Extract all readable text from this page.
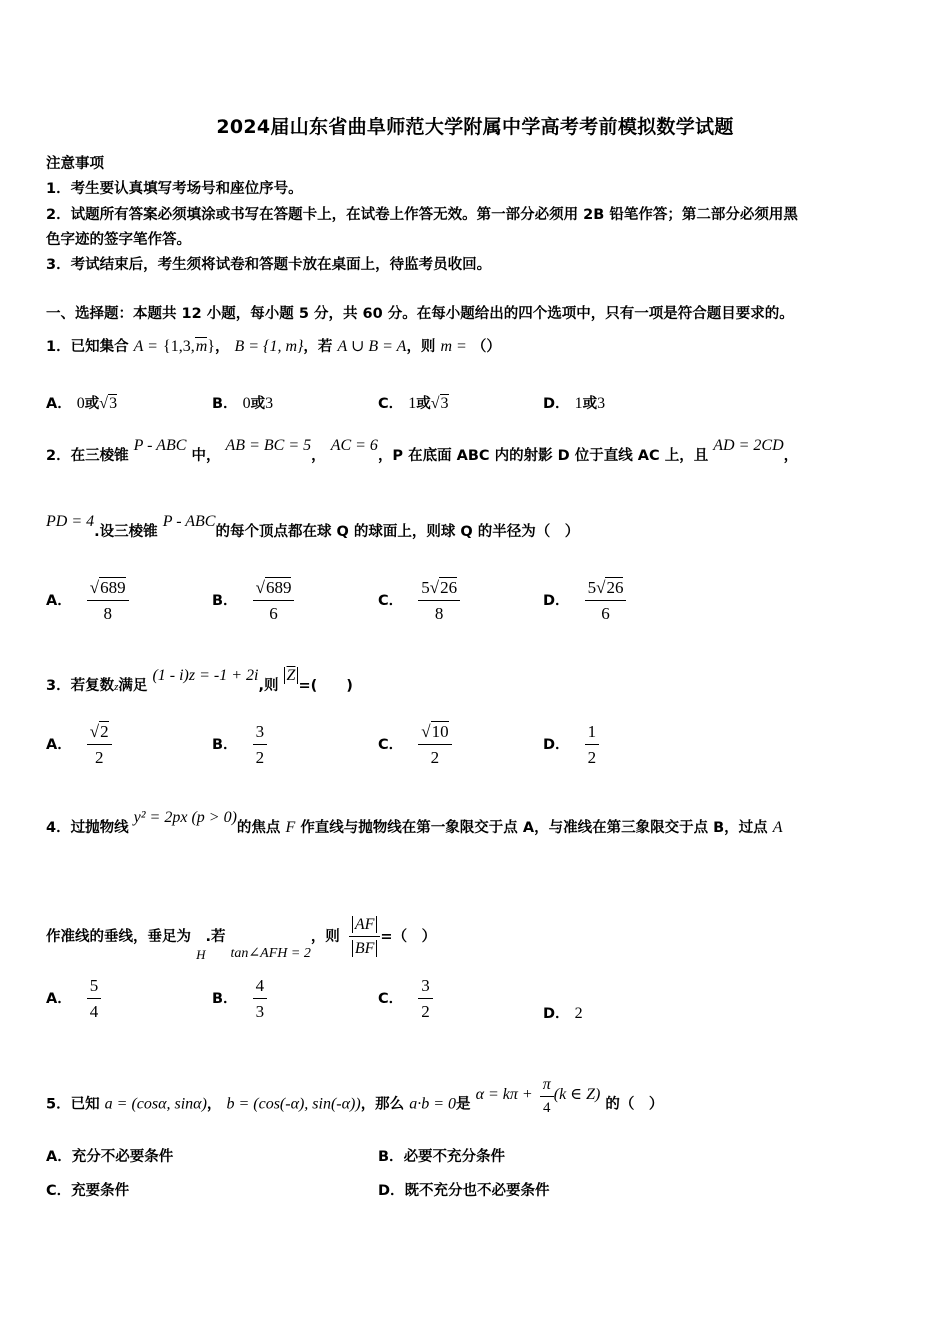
2024届山东省曲阜师范大学附属中学高考考前模拟数学试题
注意事项
1．考生要认真填写考场号和座位序号。
2．试题所有答案必须填涂或书写在答题卡上，在试卷上作答无效。第一部分必须用 2B 铅笔作答；第二部分必须用黑
色字迹的签字笔作答。
3．考试结束后，考生须将试卷和答题卡放在桌面上，待监考员收回。
一、选择题：本题共 12 小题，每小题 5 分，共 60 分。在每小题给出的四个选项中，只有一项是符合题目要求的。
1．已知集合 A = {1,3,m}， B = {1, m}，若 A ∪ B = A，则 m = （）
A． 0或√3	B． 0或3	C． 1或√3	D． 1或3
2．在三棱锥 P - ABC 中， AB = BC = 5， AC = 6，P 在底面 ABC 内的射影 D 位于直线 AC 上，且 AD = 2CD，
PD = 4.设三棱锥 P - ABC的每个顶点都在球 Q 的球面上，则球 Q 的半径为（　）
A． $\frac{√689}{8}$	B． $\frac{√689}{6}$	C． $\frac{5√26}{8}$	D． $\frac{5√26}{6}$
3．若复数z满足 (1 - i)z = -1 + 2i,则 $\overline{Z}=$(　　)
A． $\frac{√2}{2}$	B． $\frac{3}{2}$	C． $\frac{√10}{2}$	D． $\frac{1}{2}$
4．过抛物线 y² = 2px (p > 0)的焦点 F 作直线与抛物线在第一象限交于点 A，与准线在第三象限交于点 B，过点 A
作准线的垂线，垂足为 H.若 tan∠AFH = 2，则 $\frac{AF}{BF}$ =（　）
A． $\frac{5}{4}$	B． $\frac{4}{3}$	C． $\frac{3}{2}$	D． 2
5．已知 a = (cosα, sinα)， b = (cos(-α), sin(-α))，那么 a·b = 0是 $\alpha = k\pi + \frac{\pi}{4} (k$ ∈ Z) 的（　）
A．充分不必要条件	B．必要不充分条件
C．充要条件	D．既不充分也不必要条件
